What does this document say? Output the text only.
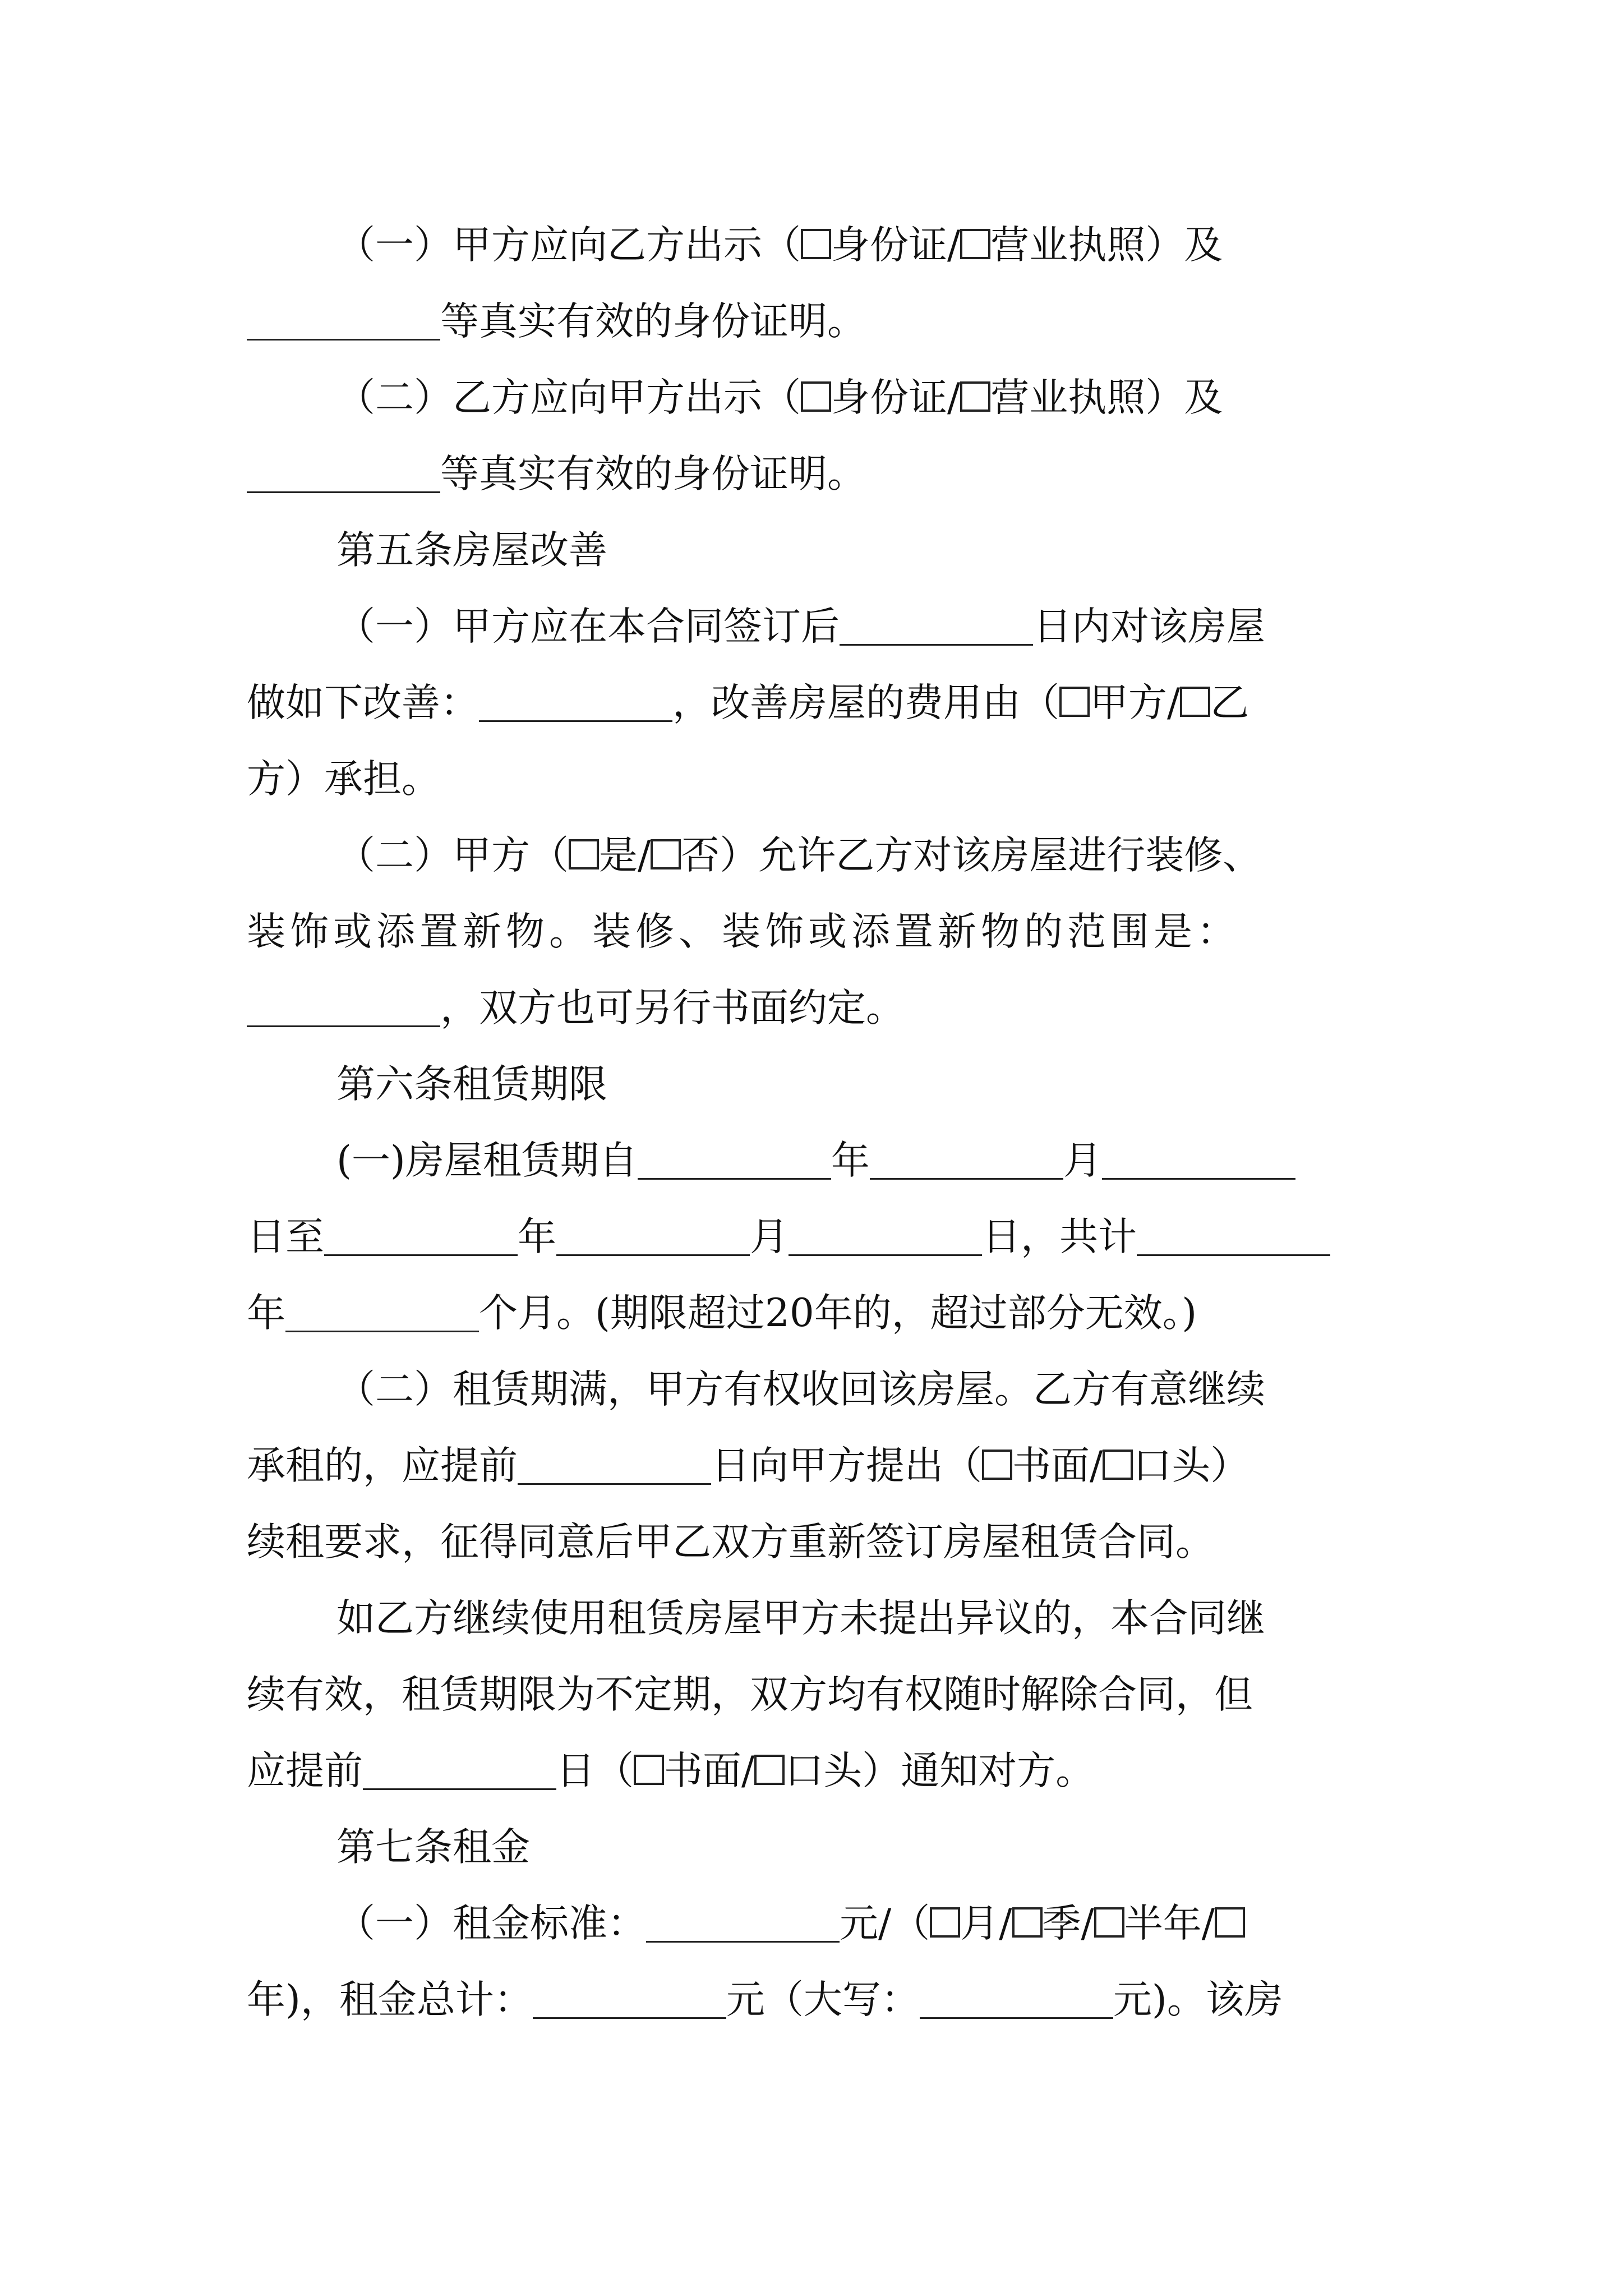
（一）甲方应向乙方出示（ 身份证/ 营业执照）及
等真实有效的身份证明。
（二）乙方应向甲方出示（ 身份证/ 营业执照）及
等真实有效的身份证明。
第五条房屋改善
（一）甲方应在本合同签订后	日内对该房屋
做如下改善：	，改善房屋的费用由（ 甲方/ 乙
方）承担。
（二）甲方（ 是/ 否）允许乙方对该房屋进行装修、
装饰或添置新物。装修、装饰或添置新物的范围是：
，双方也可另行书面约定。
第六条租赁期限
(一)房屋租赁期自	年	月
日至	年	月	日，共计
年	个月。(期限超过20年的，超过部分无效。)
（二）租赁期满，甲方有权收回该房屋。乙方有意继续
承租的，应提前	日向甲方提出（ 书面/ 口头）
续租要求，征得同意后甲乙双方重新签订房屋租赁合同。
如乙方继续使用租赁房屋甲方未提出异议的，本合同继
续有效，租赁期限为不定期，双方均有权随时解除合同，但
应提前	日（ 书面/ 口头）通知对方。
第七条租金
（一）租金标准：	元/（ 月/ 季/ 半年/
年)，租金总计：	元（大写：	元)。该房
